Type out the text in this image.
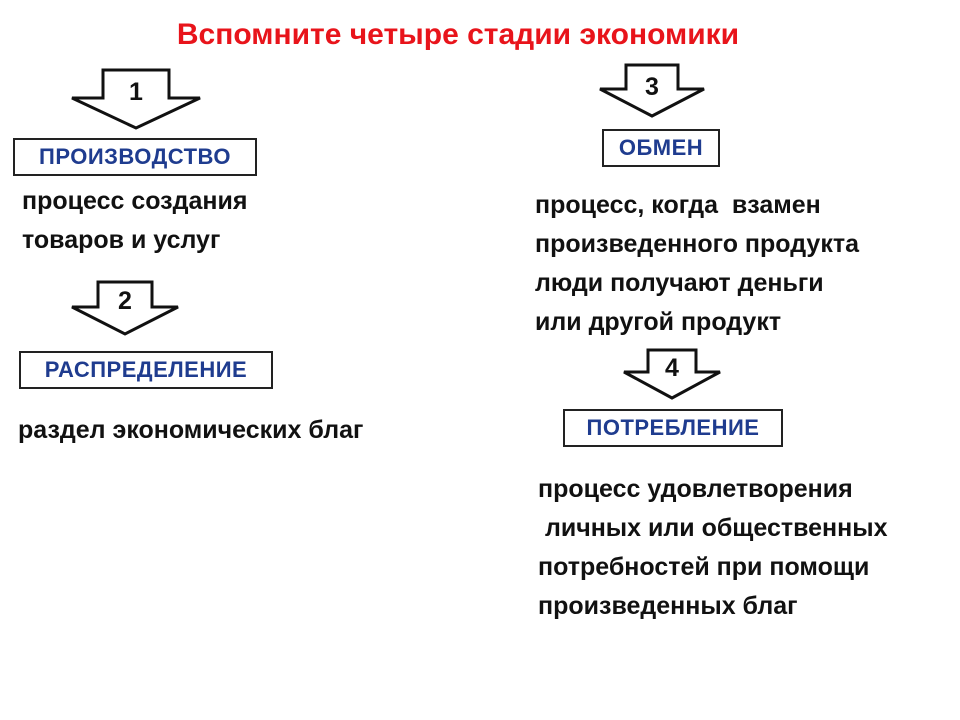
Вспомните четыре стадии экономики
1
ПРОИЗВОДСТВО
процесс создания
товаров и услуг
2
РАСПРЕДЕЛЕНИЕ
раздел экономических благ
3
ОБМЕН
процесс, когда  взамен
произведенного продукта
люди получают деньги
или другой продукт
4
ПОТРЕБЛЕНИЕ
процесс удовлетворения
личных или общественных
потребностей при помощи
произведенных благ
